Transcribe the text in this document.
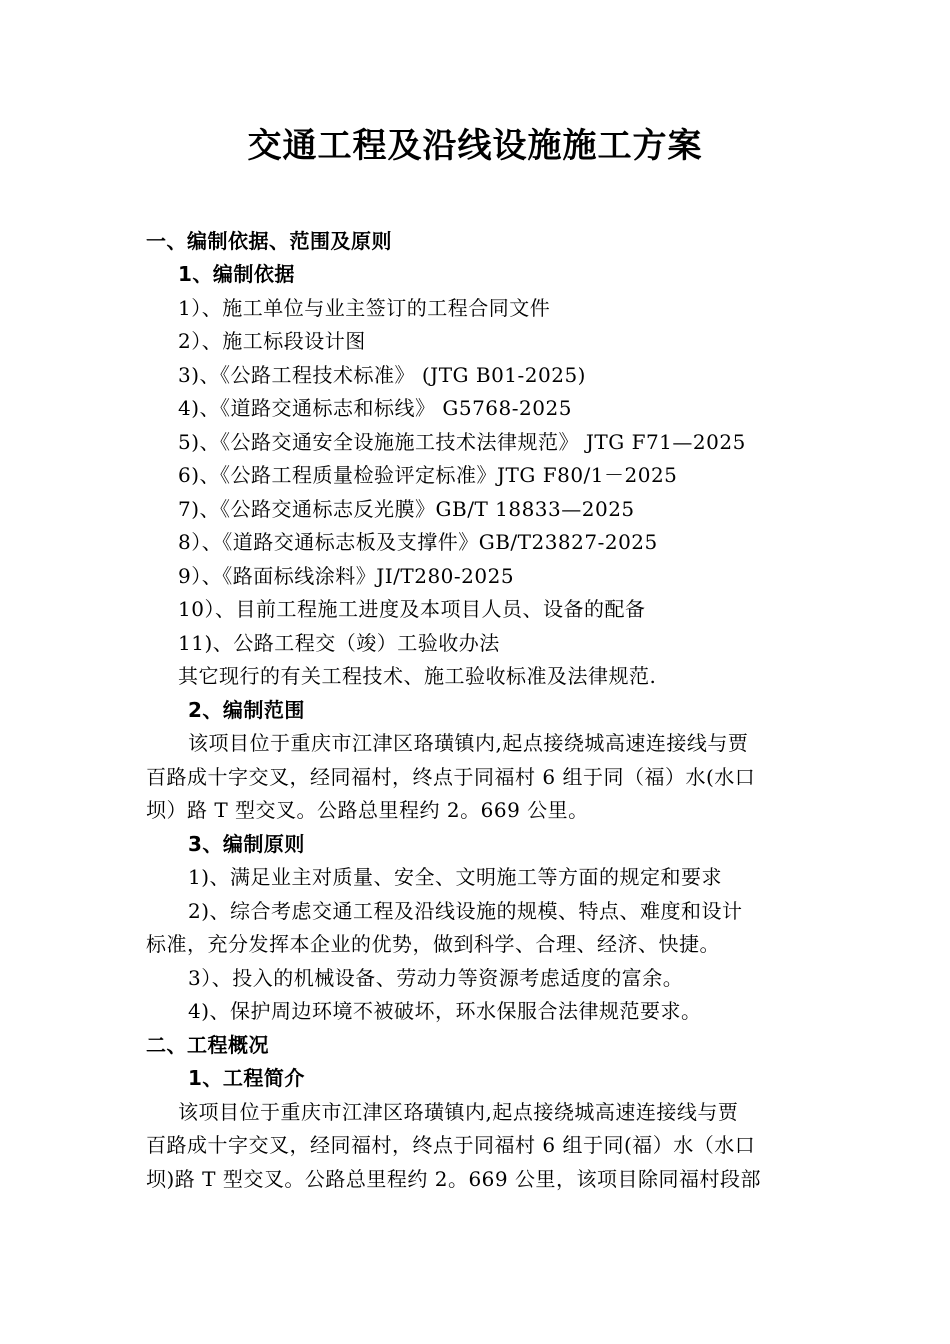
交通工程及沿线设施施工方案
一、编制依据、范围及原则
1、编制依据
1）、施工单位与业主签订的工程合同文件
2）、施工标段设计图
3)、《公路工程技术标准》 (JTG B01-2025)
4)、《道路交通标志和标线》 G5768-2025
5)、《公路交通安全设施施工技术法律规范》 JTG F71—2025
6)、《公路工程质量检验评定标准》JTG F80/1－2025
7)、《公路交通标志反光膜》GB/T 18833—2025
8）、《道路交通标志板及支撑件》GB/T23827-2025
9）、《路面标线涂料》JI/T280-2025
10）、目前工程施工进度及本项目人员、设备的配备
11)、公路工程交（竣）工验收办法
其它现行的有关工程技术、施工验收标准及法律规范.
2、编制范围
该项目位于重庆市江津区珞璜镇内,起点接绕城高速连接线与贾
百路成十字交叉，经同福村，终点于同福村 6 组于同（福）水(水口
坝）路 T 型交叉。公路总里程约 2。669 公里。
3、编制原则
1)、满足业主对质量、安全、文明施工等方面的规定和要求
2)、综合考虑交通工程及沿线设施的规模、特点、难度和设计
标准，充分发挥本企业的优势，做到科学、合理、经济、快捷。
3）、投入的机械设备、劳动力等资源考虑适度的富余。
4)、保护周边环境不被破坏，环水保服合法律规范要求。
二、工程概况
1、工程简介
该项目位于重庆市江津区珞璜镇内,起点接绕城高速连接线与贾
百路成十字交叉，经同福村，终点于同福村 6 组于同(福）水（水口
坝)路 T 型交叉。公路总里程约 2。669 公里，该项目除同福村段部
